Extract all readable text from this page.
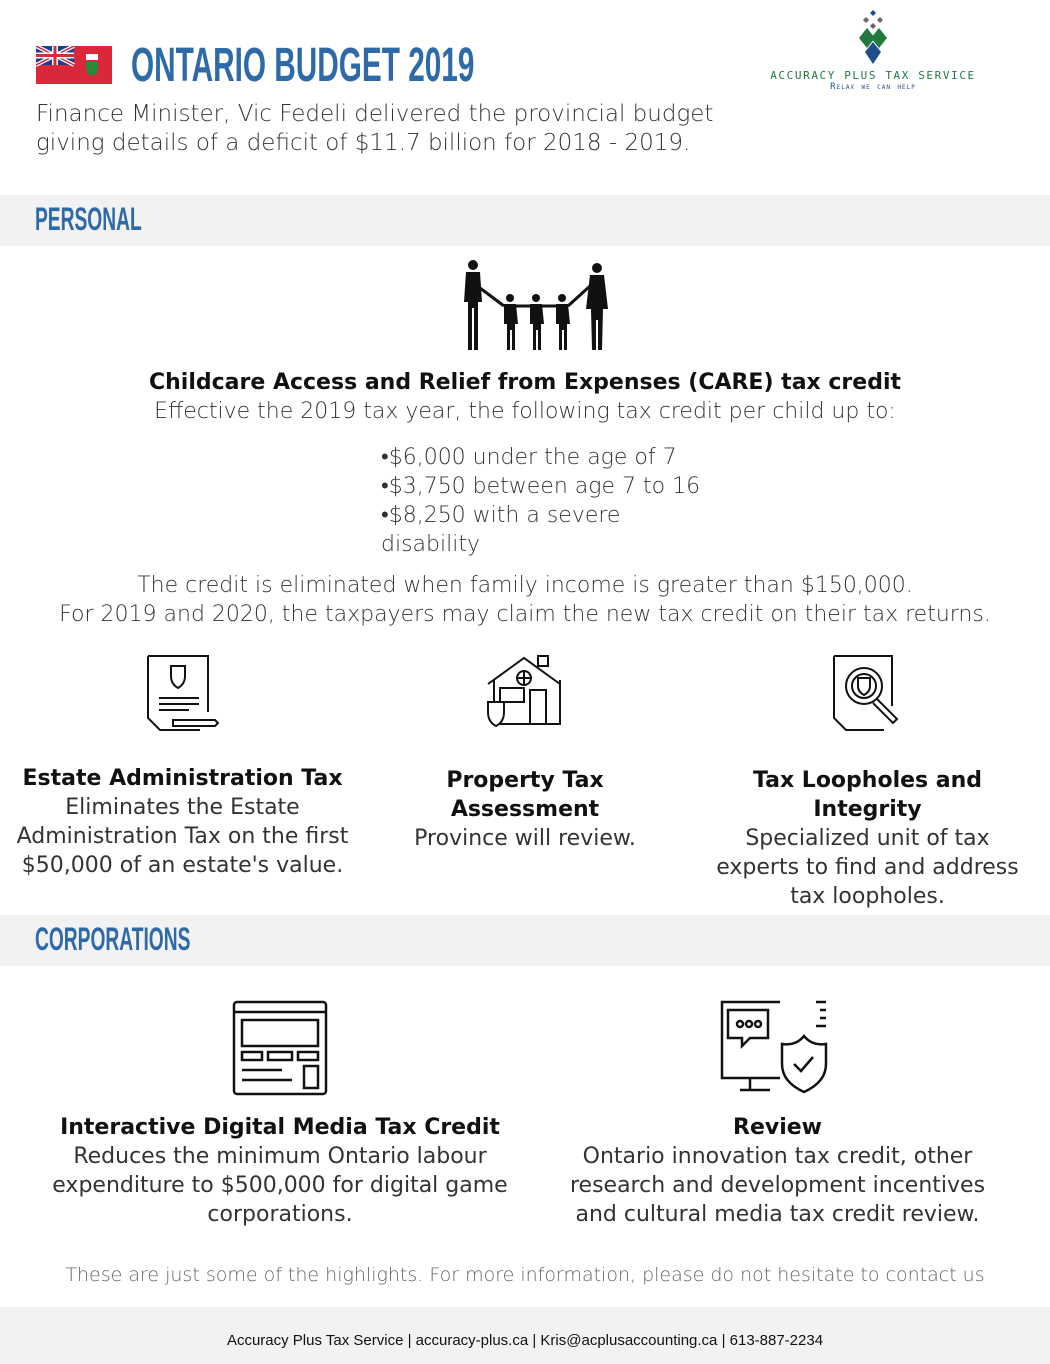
ONTARIO BUDGET 2019
Finance Minister, Vic Fedeli delivered the provincial budget
giving details of a deficit of $11.7 billion for 2018 - 2019.
ACCURACY PLUS TAX SERVICE
Relax we can help
PERSONAL
Childcare Access and Relief from Expenses (CARE) tax credit
Effective the 2019 tax year, the following tax credit per child up to:
•$6,000 under the age of 7
•$3,750 between age 7 to 16
•$8,250 with a severe disability
The credit is eliminated when family income is greater than $150,000.
For 2019 and 2020, the taxpayers may claim the new tax credit on their tax returns.
Estate Administration Tax
Eliminates the Estate Administration Tax on the first $50,000 of an estate's value.
Property Tax Assessment
Province will review.
Tax Loopholes and Integrity
Specialized unit of tax experts to find and address tax loopholes.
CORPORATIONS
Interactive Digital Media Tax Credit
Reduces the minimum Ontario labour expenditure to $500,000 for digital game corporations.
Review
Ontario innovation tax credit, other research and development incentives and cultural media tax credit review.
These are just some of the highlights. For more information, please do not hesitate to contact us
Accuracy Plus Tax Service | accuracy-plus.ca | Kris@acplusaccounting.ca | 613-887-2234
